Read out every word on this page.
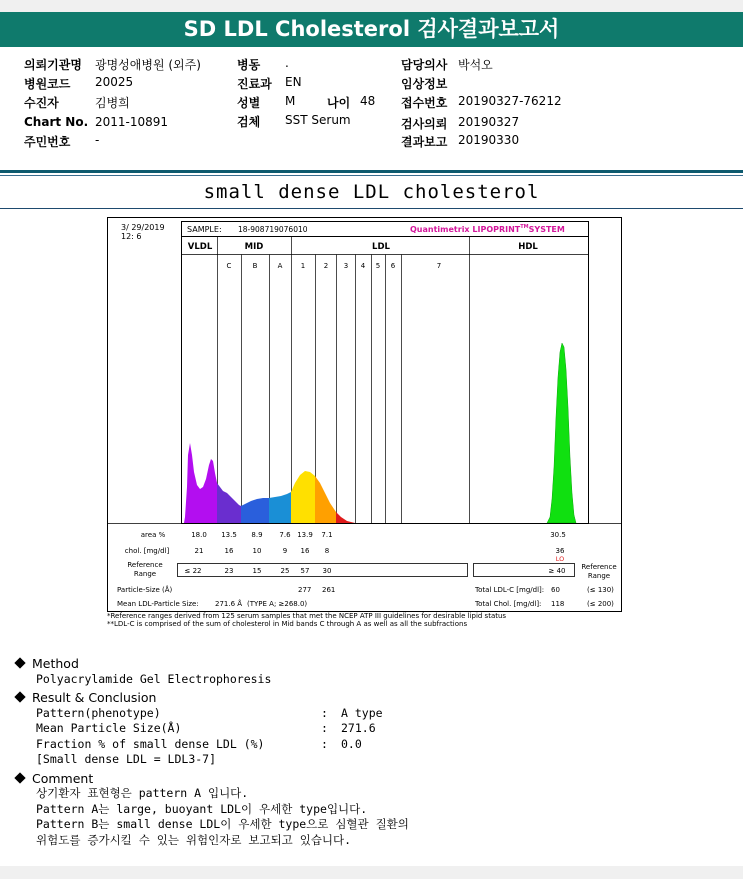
SD LDL Cholesterol 검사결과보고서
의뢰기관명 광명성애병원 (외주)	병동 .	담당의사 박석오
병원코드 20025	진료과 EN	임상정보
수진자	김병희	성별 M	나이 48 접수번호 20190327-76212
Chart No. 2011-10891	검체 SST Serum	검사의뢰 20190327
주민번호 -	결과보고 20190330
small dense LDL cholesterol
3/ 29/2019
12: 6
SAMPLE: 18-908719076010	Quantimetrix LIPOPRINT™SYSTEM
VLDL	MID	LDL	HDL
C	B	A	1	2 3 4 5 6	7
area %	18.0 13.5 8.9 7.6 13.9 7.1	30.5
chol. [mg/dl]	21	16	10	9 16 8	36
LO
Reference
Range	≤ 22	23	15	25 57 30	≥ 40 Reference
Range
Particle-Size (Å)	277 261	Total LDL-C [mg/dl]: 60	(≤ 130)
Mean LDL-Particle Size: 271.6 Å (TYPE A; ≥268.0)	Total Chol. [mg/dl]: 118	(≤ 200)
*Reference ranges derived from 125 serum samples that met the NCEP ATP III guidelines for desirable lipid status
**LDL-C is comprised of the sum of cholesterol in Mid bands C through A as well as all the subfractions
Method
Polyacrylamide Gel Electrophoresis
Result & Conclusion
Pattern(phenotype)	: A type
Mean Particle Size(Å)	: 271.6
Fraction % of small dense LDL (%)	: 0.0
[Small dense LDL = LDL3-7]
Comment
상기환자 표현형은 pattern A 입니다.
Pattern A는 large, buoyant LDL이 우세한 type입니다.
Pattern B는 small dense LDL이 우세한 type으로 심혈관 질환의
위험도를 증가시킬 수 있는 위험인자로 보고되고 있습니다.
